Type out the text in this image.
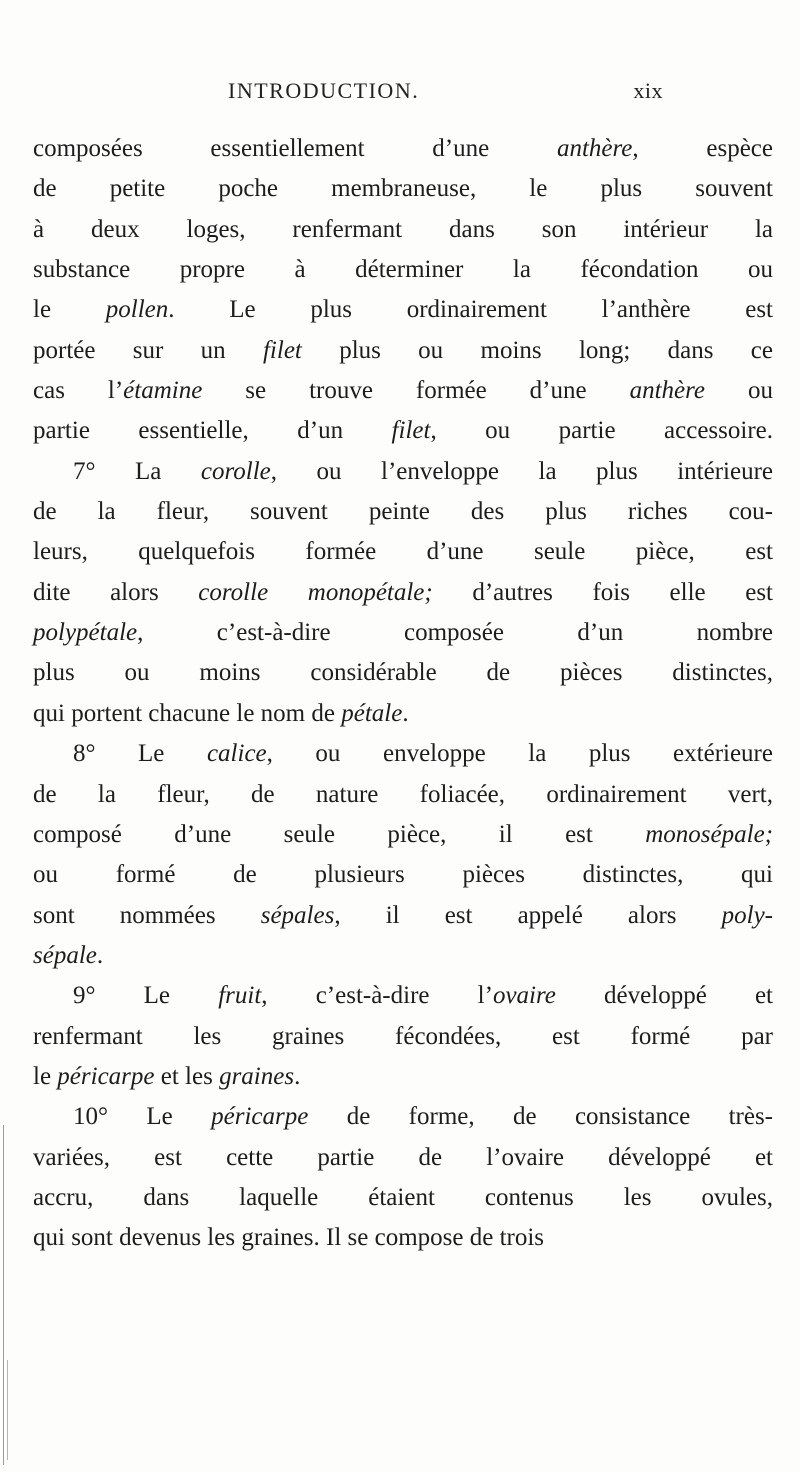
INTRODUCTION.	xix
composées essentiellement d’une anthère, espèce
de petite poche membraneuse, le plus souvent
à deux loges, renfermant dans son intérieur la
substance propre à déterminer la fécondation ou
le pollen. Le plus ordinairement l’anthère est
portée sur un filet plus ou moins long; dans ce
cas l’étamine se trouve formée d’une anthère ou
partie essentielle, d’un filet, ou partie accessoire.
7° La corolle, ou l’enveloppe la plus intérieure
de la fleur, souvent peinte des plus riches cou-
leurs, quelquefois formée d’une seule pièce, est
dite alors corolle monopétale; d’autres fois elle est
polypétale, c’est-à-dire composée d’un nombre
plus ou moins considérable de pièces distinctes,
qui portent chacune le nom de pétale.
8° Le calice, ou enveloppe la plus extérieure
de la fleur, de nature foliacée, ordinairement vert,
composé d’une seule pièce, il est monosépale;
ou formé de plusieurs pièces distinctes, qui
sont nommées sépales, il est appelé alors poly-
sépale.
9° Le fruit, c’est-à-dire l’ovaire développé et
renfermant les graines fécondées, est formé par
le péricarpe et les graines.
10° Le péricarpe de forme, de consistance très-
variées, est cette partie de l’ovaire développé et
accru, dans laquelle étaient contenus les ovules,
qui sont devenus les graines. Il se compose de trois
